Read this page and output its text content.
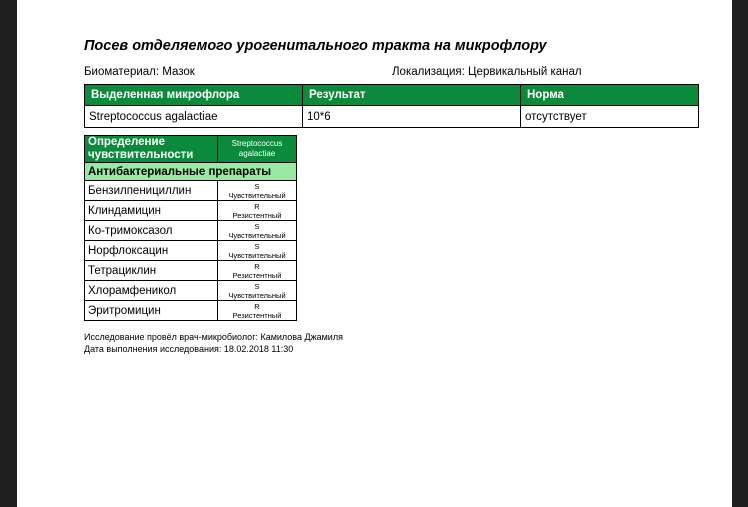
Посев отделяемого урогенитального тракта на микрофлору
Биоматериал: Мазок	Локализация: Цервикальный канал
Выделенная микрофлора	Результат	Норма
Streptococcus agalactiae	10*6	отсутствует
Определение чувствительности	Streptococcus agalactiae
Антибактериальные препараты	
Бензилпенициллин	S
Чувствительный

Клиндамицин	R
Резистентный

Ко-тримоксазол	S
Чувствительный

Норфлоксацин	S
Чувствительный

Тетрациклин	R
Резистентный

Хлорамфеникол	S
Чувствительный

Эритромицин	R
Резистентный
Исследование провёл врач-микробиолог: Камилова Джамиля
Дата выполнения исследования: 18.02.2018 11:30
